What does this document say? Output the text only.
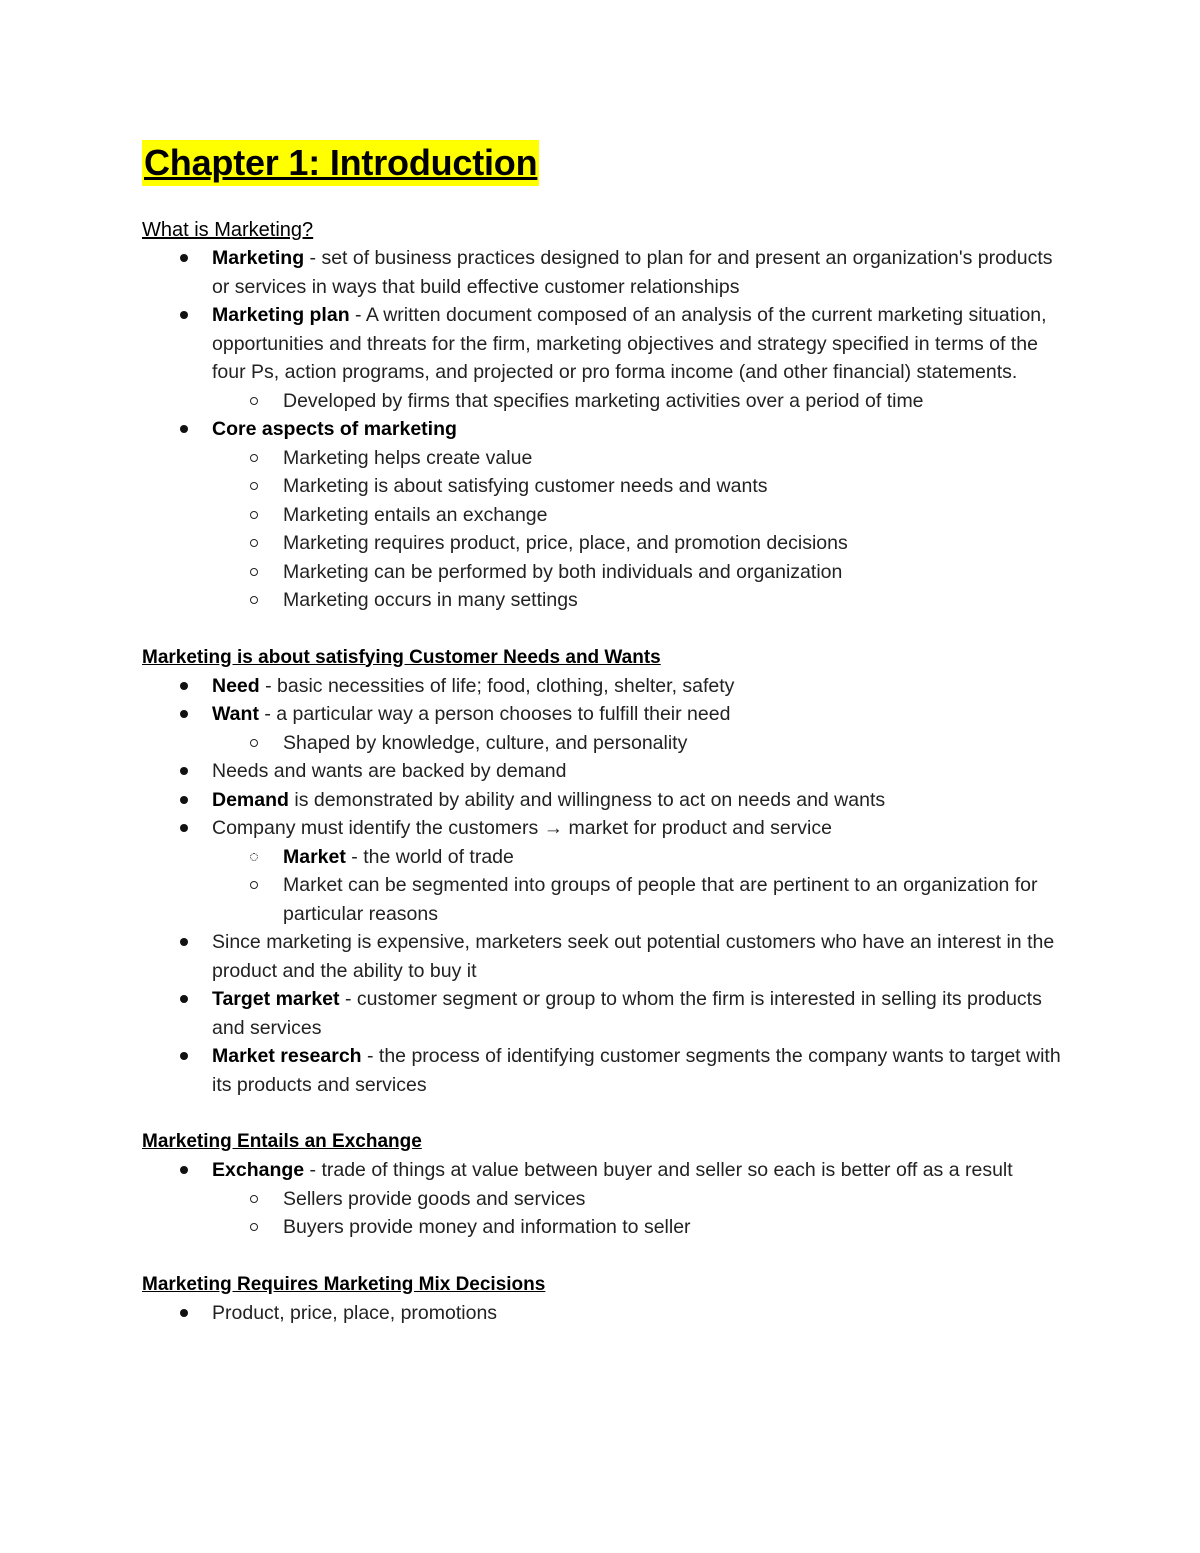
Chapter 1: Introduction
What is Marketing?
Marketing - set of business practices designed to plan for and present an organization's products or services in ways that build effective customer relationships
Marketing plan - A written document composed of an analysis of the current marketing situation, opportunities and threats for the firm, marketing objectives and strategy specified in terms of the four Ps, action programs, and projected or pro forma income (and other financial) statements.
Developed by firms that specifies marketing activities over a period of time
Core aspects of marketing
Marketing helps create value
Marketing is about satisfying customer needs and wants
Marketing entails an exchange
Marketing requires product, price, place, and promotion decisions
Marketing can be performed by both individuals and organization
Marketing occurs in many settings
Marketing is about satisfying Customer Needs and Wants
Need - basic necessities of life; food, clothing, shelter, safety
Want - a particular way a person chooses to fulfill their need
Shaped by knowledge, culture, and personality
Needs and wants are backed by demand
Demand is demonstrated by ability and willingness to act on needs and wants
Company must identify the customers → market for product and service
Market - the world of trade
Market can be segmented into groups of people that are pertinent to an organization for particular reasons
Since marketing is expensive, marketers seek out potential customers who have an interest in the product and the ability to buy it
Target market - customer segment or group to whom the firm is interested in selling its products and services
Market research - the process of identifying customer segments the company wants to target with its products and services
Marketing Entails an Exchange
Exchange - trade of things at value between buyer and seller so each is better off as a result
Sellers provide goods and services
Buyers provide money and information to seller
Marketing Requires Marketing Mix Decisions
Product, price, place, promotions
